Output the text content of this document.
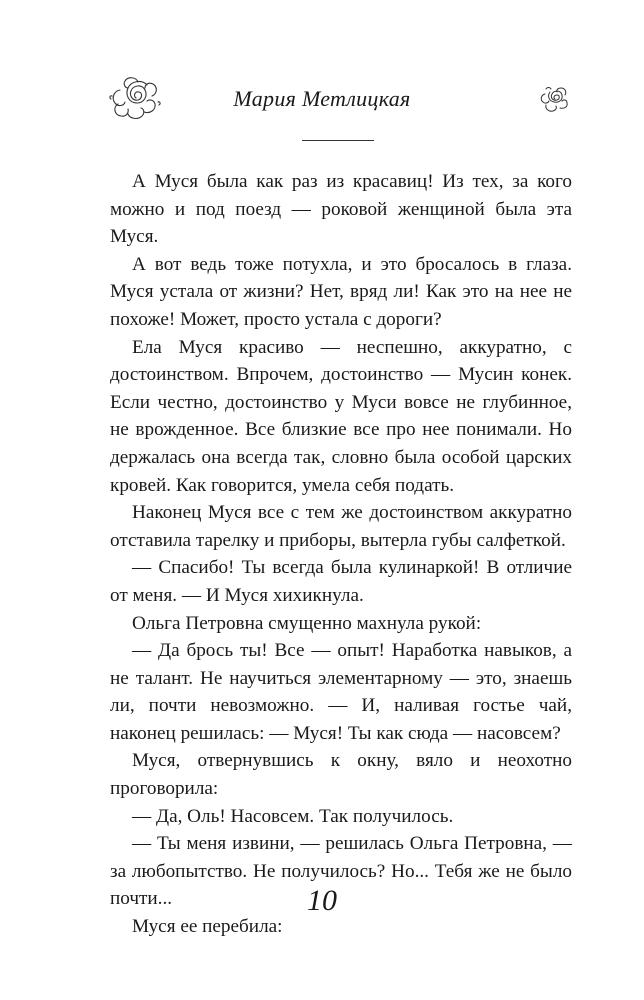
Мария Метлицкая

А Муся была как раз из красавиц! Из тех, за кого можно и под поезд — роковой женщиной была эта Муся.

А вот ведь тоже потухла, и это бросалось в глаза. Муся устала от жизни? Нет, вряд ли! Как это на нее не похоже! Может, просто устала с дороги?

Ела Муся красиво — неспешно, аккуратно, с достоинством. Впрочем, достоинство — Мусин конек. Если честно, достоинство у Муси вовсе не глубинное, не врожденное. Все близкие все про нее понимали. Но держалась она всегда так, словно была особой царских кровей. Как говорится, умела себя подать.

Наконец Муся все с тем же достоинством аккуратно отставила тарелку и приборы, вытерла губы салфеткой.

— Спасибо! Ты всегда была кулинаркой! В отличие от меня. — И Муся хихикнула.

Ольга Петровна смущенно махнула рукой:

— Да брось ты! Все — опыт! Наработка навыков, а не талант. Не научиться элементарному — это, знаешь ли, почти невозможно. — И, наливая гостье чай, наконец решилась: — Муся! Ты как сюда — насовсем?

Муся, отвернувшись к окну, вяло и неохотно проговорила:

— Да, Оль! Насовсем. Так получилось.

— Ты меня извини, — решилась Ольга Петровна, — за любопытство. Не получилось? Но... Тебя же не было почти...

Муся ее перебила:

10
